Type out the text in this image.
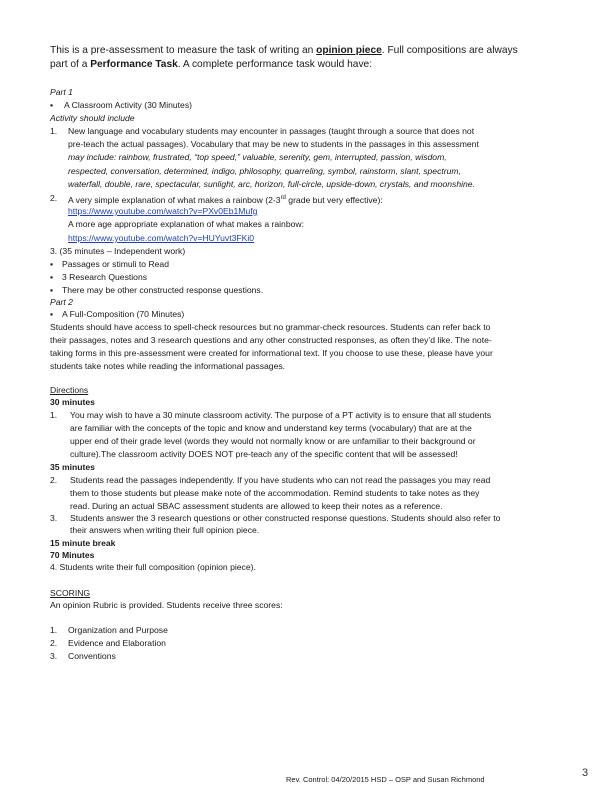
This is a pre-assessment to measure the task of writing an opinion piece. Full compositions are always
part of a Performance Task. A complete performance task would have:
Part 1
▪ A Classroom Activity (30 Minutes)
Activity should include
1. New language and vocabulary students may encounter in passages (taught through a source that does not
pre-teach the actual passages). Vocabulary that may be new to students in the passages in this assessment
may include: rainbow, frustrated, “top speed,” valuable, serenity, gem, interrupted, passion, wisdom,
respected, conversation, determined, indigo, philosophy, quarreling, symbol, rainstorm, slant, spectrum,
waterfall, double, rare, spectacular, sunlight, arc, horizon, full-circle, upside-down, crystals, and moonshine.
2. A very simple explanation of what makes a rainbow (2-3rd grade but very effective):
https://www.youtube.com/watch?v=PXv0Eb1Mufg
A more age appropriate explanation of what makes a rainbow:
https://www.youtube.com/watch?v=HUYuvt3FKi0
3. (35 minutes – Independent work)
▪ Passages or stimuli to Read
▪ 3 Research Questions
▪ There may be other constructed response questions.
Part 2
▪ A Full-Composition (70 Minutes)
Students should have access to spell-check resources but no grammar-check resources. Students can refer back to
their passages, notes and 3 research questions and any other constructed responses, as often they’d like. The note-
taking forms in this pre-assessment were created for informational text. If you choose to use these, please have your
students take notes while reading the informational passages.
Directions
30 minutes
1. You may wish to have a 30 minute classroom activity. The purpose of a PT activity is to ensure that all students
are familiar with the concepts of the topic and know and understand key terms (vocabulary) that are at the
upper end of their grade level (words they would not normally know or are unfamiliar to their background or
culture).The classroom activity DOES NOT pre-teach any of the specific content that will be assessed!
35 minutes
2. Students read the passages independently. If you have students who can not read the passages you may read
them to those students but please make note of the accommodation. Remind students to take notes as they
read. During an actual SBAC assessment students are allowed to keep their notes as a reference.
3. Students answer the 3 research questions or other constructed response questions. Students should also refer to
their answers when writing their full opinion piece.
15 minute break
70 Minutes
4. Students write their full composition (opinion piece).
SCORING
An opinion Rubric is provided. Students receive three scores:
1. Organization and Purpose
2. Evidence and Elaboration
3. Conventions
Rev. Control: 04/20/2015 HSD – OSP and Susan Richmond
3
